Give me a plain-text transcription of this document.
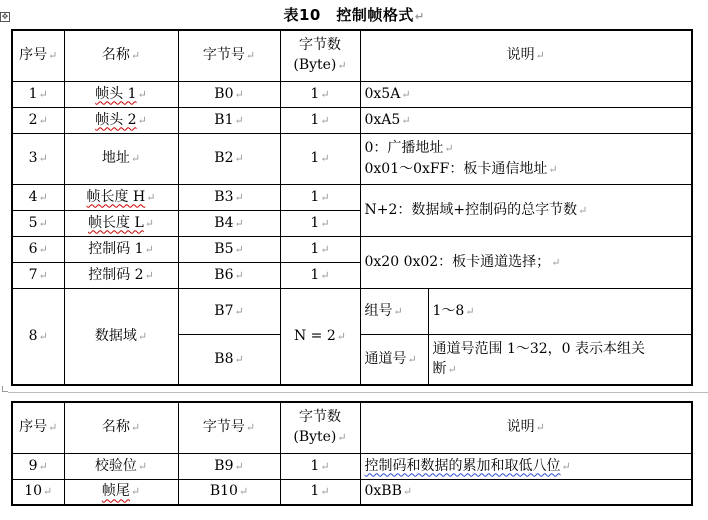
✥	表10　控制帧格式↵
序号↵	名称↵	字节号↵	字节数
(Byte)↵	说明↵	
1↵	帧头 1↵	B0↵	1↵	0x5A↵	
2↵	帧头 2↵	B1↵	1↵	0xA5↵	
3↵	地址↵	B2↵	1↵	0：广播地址↵
0x01～0xFF：板卡通信地址↵	

4↵	帧长度 H↵	B3↵	1↵	N+2：数据域+控制码的总字节数↵	
5↵	帧长度 L↵	B4↵	1↵		
6↵	控制码 1↵	B5↵	1↵	0x20 0x02：板卡通道选择；↵	
7↵	控制码 2↵	B6↵	1↵		
8↵	数据域↵	B7↵	N = 2↵	组号↵	1～8↵
		B8↵		通道号↵	通道号范围 1～32，0 表示本组关
断↵
序号↵	名称↵	字节号↵	字节数
(Byte)↵	说明↵
9↵	校验位↵	B9↵	1↵	控制码和数据的累加和取低八位↵
10↵	帧尾↵	B10↵	1↵	0xBB↵
